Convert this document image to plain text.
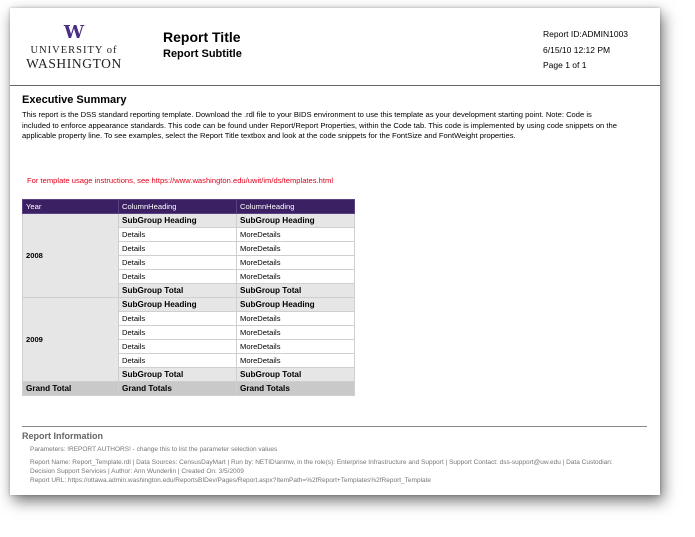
W
UNIVERSITY of
WASHINGTON
Report Title
Report Subtitle
Report ID:ADMIN1003
6/15/10 12:12 PM
Page 1 of 1
Executive Summary
This report is the DSS standard reporting template. Download the .rdl file to your BIDS environment to use this template as your development starting point. Note: Code is included to enforce appearance standards. This code can be found under Report/Report Properties, within the Code tab. This code is implemented by using code snippets on the applicable property line. To see examples, select the Report Title textbox and look at the code snippets for the FontSize and FontWeight properties.
For template usage instructions, see https://www.washington.edu/uwit/im/ds/templates.html
Year	ColumnHeading	ColumnHeading
2008	SubGroup Heading	SubGroup Heading
	Details	MoreDetails
	Details	MoreDetails
	Details	MoreDetails
	Details	MoreDetails
	SubGroup Total	SubGroup Total
2009	SubGroup Heading	SubGroup Heading
	Details	MoreDetails
	Details	MoreDetails
	Details	MoreDetails
	Details	MoreDetails
	SubGroup Total	SubGroup Total
Grand Total	Grand Totals	Grand Totals
Report Information
Parameters: !REPORT AUTHORS! - change this to list the parameter selection values
Report Name: Report_Template.rdl | Data Sources: CensusDayMart | Run by: NETID\anmw, in the role(s): Enterprise Infrastructure and Support | Support Contact: dss-support@uw.edu | Data Custodian: Decision Support Services | Author: Ann Wunderlin | Created On: 3/5/2009
Report URL: https://ottawa.admin.washington.edu/ReportsBIDev/Pages/Report.aspx?ItemPath=%2fReport+Templates%2fReport_Template
